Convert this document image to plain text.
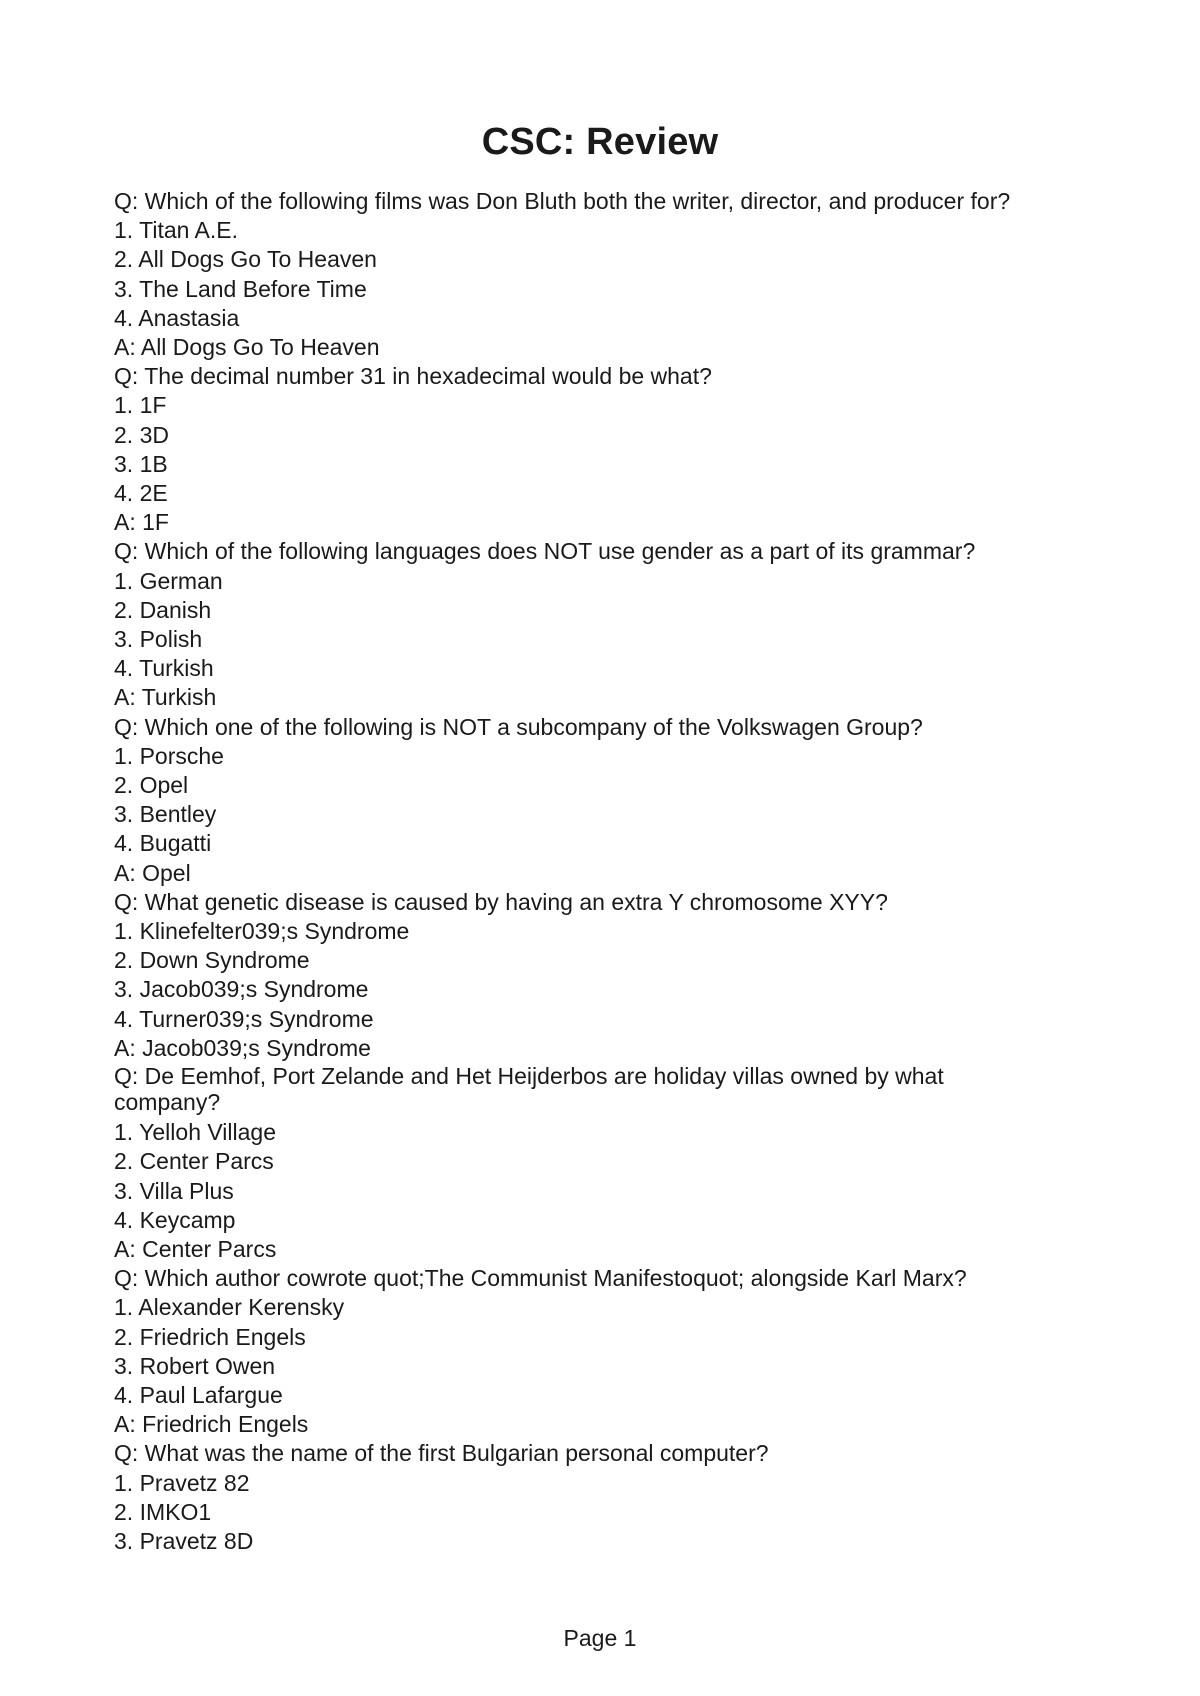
CSC: Review
Q: Which of the following films was Don Bluth both the writer, director, and producer for?
1. Titan A.E.
2. All Dogs Go To Heaven
3. The Land Before Time
4. Anastasia
A: All Dogs Go To Heaven
Q: The decimal number 31 in hexadecimal would be what?
1. 1F
2. 3D
3. 1B
4. 2E
A: 1F
Q: Which of the following languages does NOT use gender as a part of its grammar?
1. German
2. Danish
3. Polish
4. Turkish
A: Turkish
Q: Which one of the following is NOT a subcompany of the Volkswagen Group?
1. Porsche
2. Opel
3. Bentley
4. Bugatti
A: Opel
Q: What genetic disease is caused by having an extra Y chromosome XYY?
1. Klinefelter039;s Syndrome
2. Down Syndrome
3. Jacob039;s Syndrome
4. Turner039;s Syndrome
A: Jacob039;s Syndrome
Q: De Eemhof, Port Zelande and Het Heijderbos are holiday villas owned by what company?
1. Yelloh Village
2. Center Parcs
3. Villa Plus
4. Keycamp
A: Center Parcs
Q: Which author cowrote quot;The Communist Manifestoquot; alongside Karl Marx?
1. Alexander Kerensky
2. Friedrich Engels
3. Robert Owen
4. Paul Lafargue
A: Friedrich Engels
Q: What was the name of the first Bulgarian personal computer?
1. Pravetz 82
2. IMKO1
3. Pravetz 8D
Page 1
